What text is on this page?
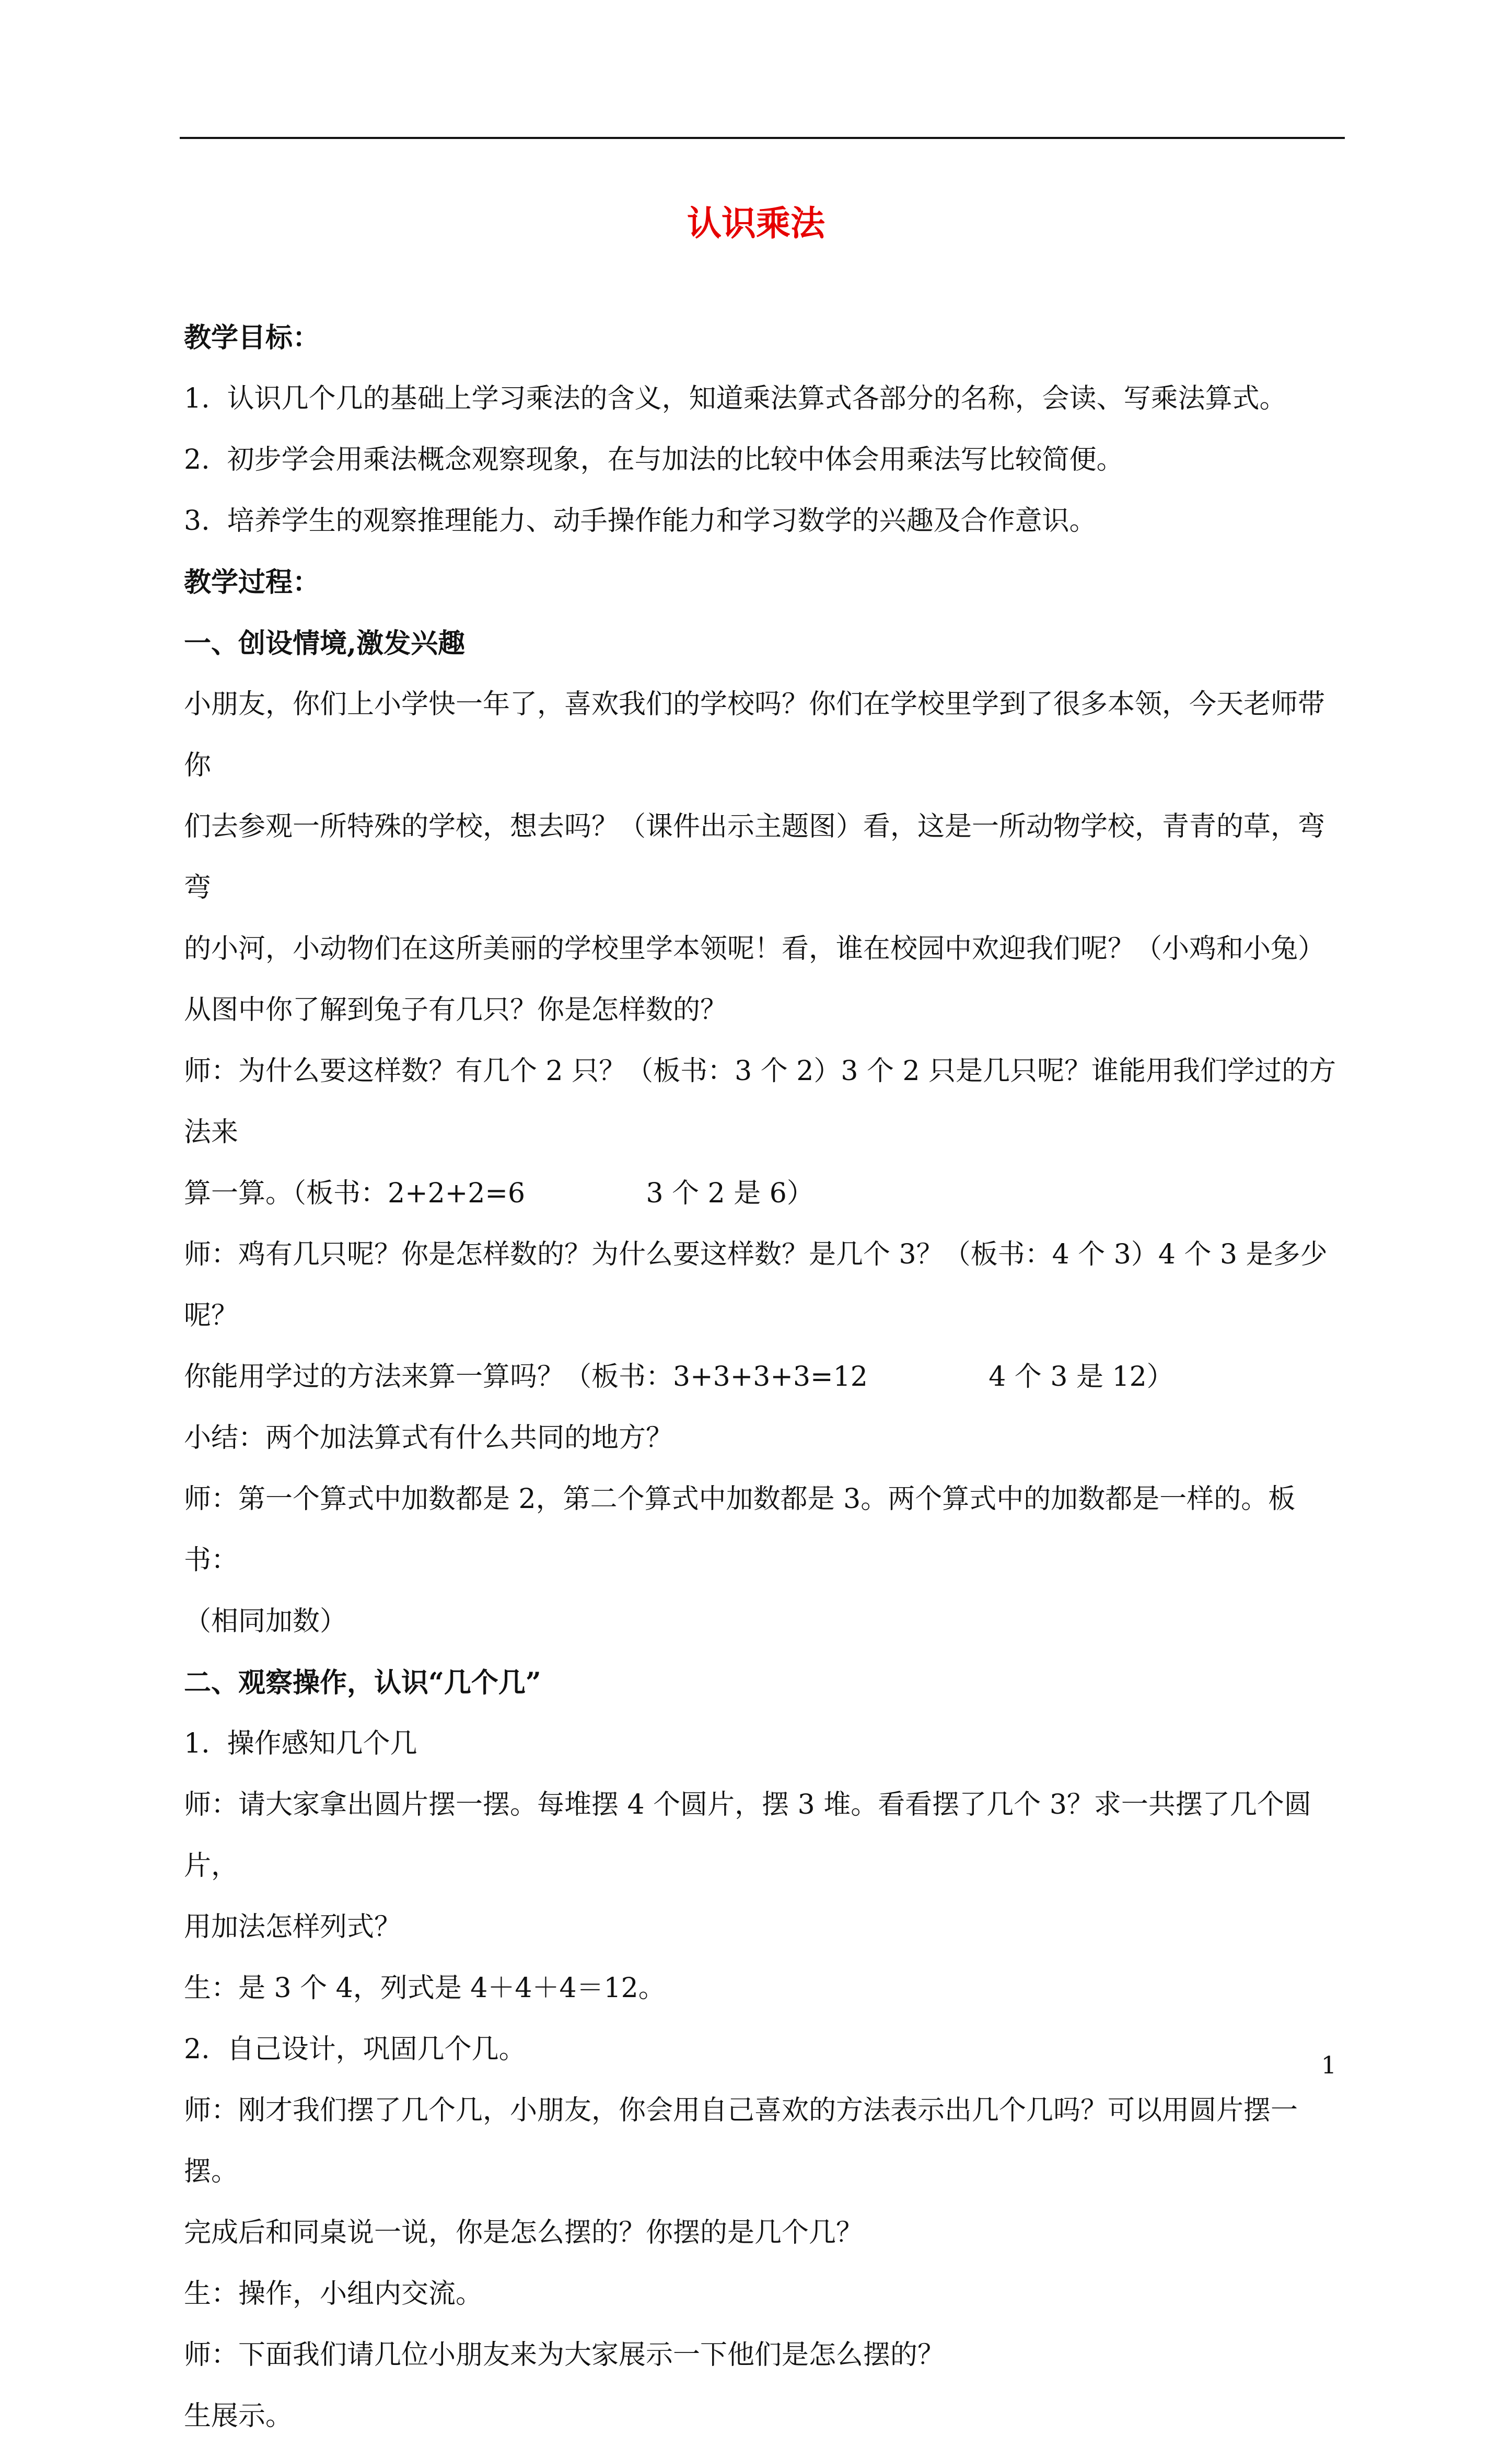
认识乘法

教学目标：

1.  认识几个几的基础上学习乘法的含义，知道乘法算式各部分的名称，会读、写乘法算式。

2.  初步学会用乘法概念观察现象，在与加法的比较中体会用乘法写比较简便。

3.  培养学生的观察推理能力、动手操作能力和学习数学的兴趣及合作意识。

教学过程：

一、创设情境,激发兴趣

小朋友，你们上小学快一年了，喜欢我们的学校吗？你们在学校里学到了很多本领，今天老师带你

们去参观一所特殊的学校，想去吗？（课件出示主题图）看，这是一所动物学校，青青的草，弯弯

的小河，小动物们在这所美丽的学校里学本领呢！看，谁在校园中欢迎我们呢？（小鸡和小兔）

从图中你了解到兔子有几只？你是怎样数的？

师：为什么要这样数？有几个 2 只？（板书：3 个 2）3 个 2 只是几只呢？谁能用我们学过的方法来

算一算。（板书：2+2+2=6              3 个 2 是 6）

师：鸡有几只呢？你是怎样数的？为什么要这样数？是几个 3？（板书：4 个 3）4 个 3 是多少呢？

你能用学过的方法来算一算吗？（板书：3+3+3+3=12              4 个 3 是 12）

小结：两个加法算式有什么共同的地方？

师：第一个算式中加数都是 2，第二个算式中加数都是 3。两个算式中的加数都是一样的。板书：

（相同加数）

二、观察操作，认识“几个几”

1.  操作感知几个几

师：请大家拿出圆片摆一摆。每堆摆 4 个圆片，摆 3 堆。看看摆了几个 3？求一共摆了几个圆片，

用加法怎样列式？

生：是 3 个 4，列式是 4＋4＋4＝12。

2.  自己设计，巩固几个几。

师：刚才我们摆了几个几，小朋友，你会用自己喜欢的方法表示出几个几吗？可以用圆片摆一摆。

完成后和同桌说一说，你是怎么摆的？你摆的是几个几？

生：操作，小组内交流。

师：下面我们请几位小朋友来为大家展示一下他们是怎么摆的？

生展示。

1
